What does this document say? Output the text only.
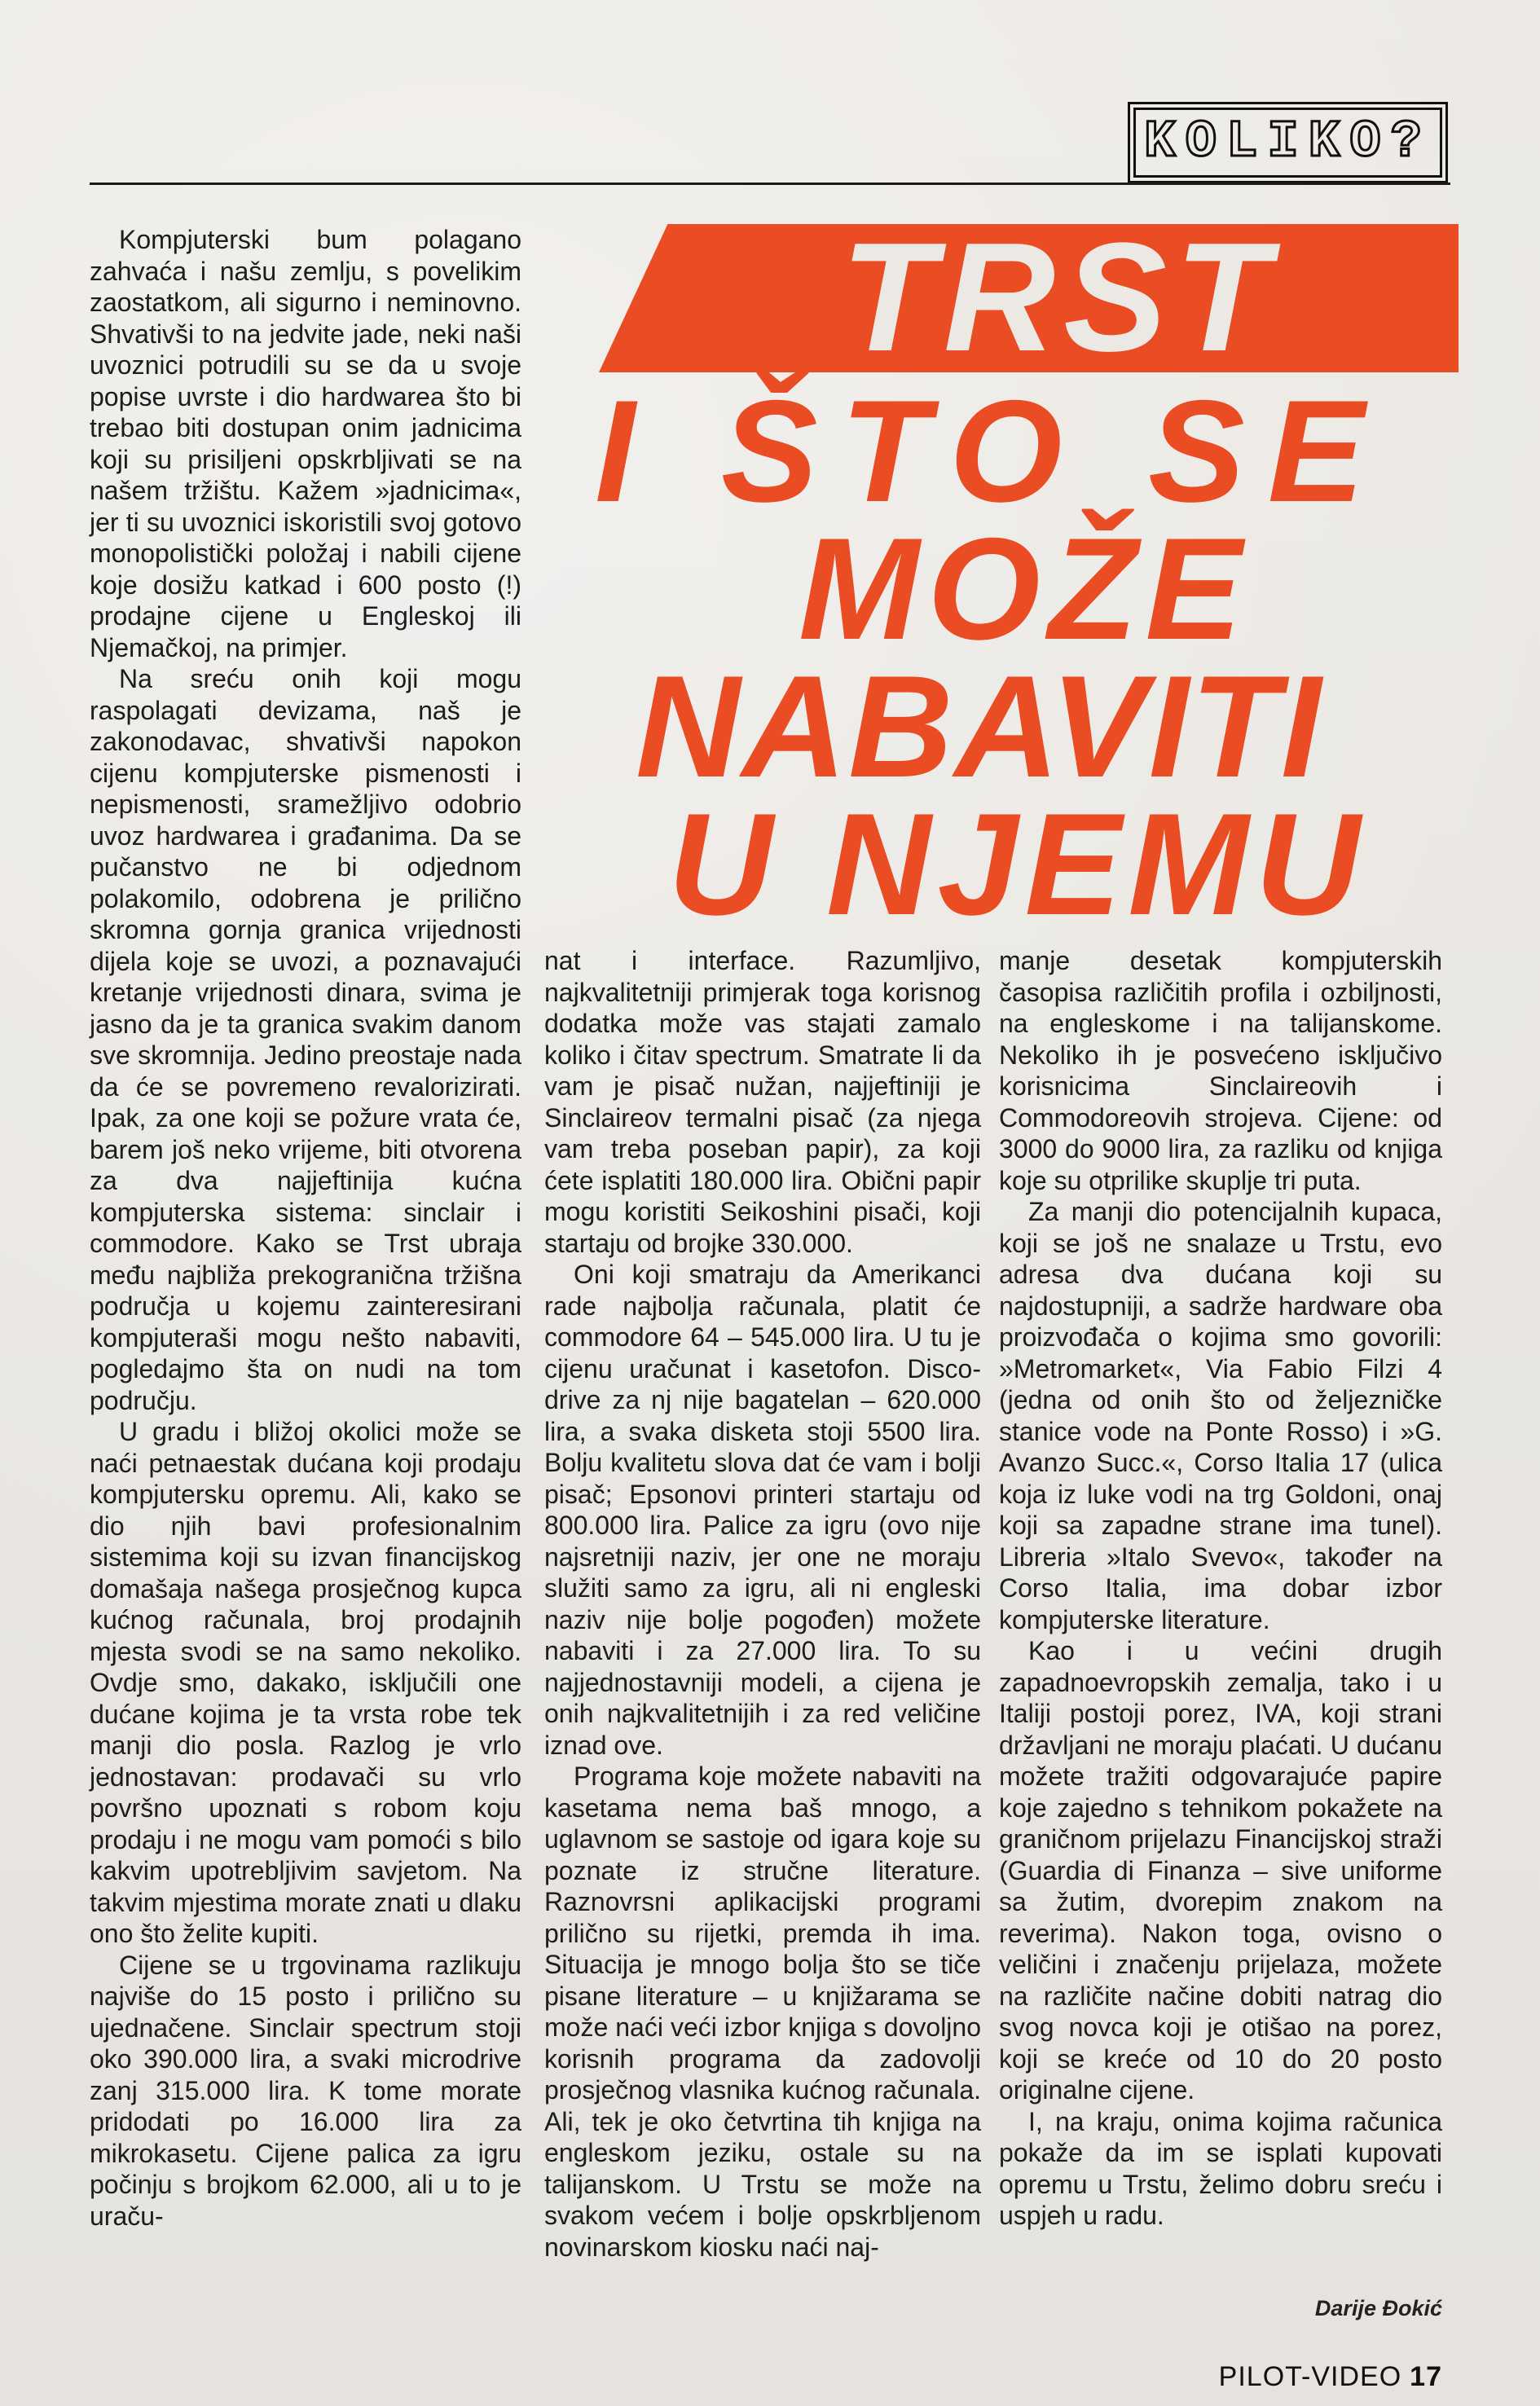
KOLIKO?
TRST
I ŠTO SE
MOŽE
NABAVITI
U NJEMU

Kompjuterski bum polagano zahvaća i našu zemlju, s povelikim zaostatkom, ali sigurno i neminovno. Shvativši to na jedvite jade, neki naši uvoznici potrudili su se da u svoje popise uvrste i dio hardwarea što bi trebao biti dostupan onim jadnicima koji su prisiljeni opskrbljivati se na našem tržištu. Kažem »jadnicima«, jer ti su uvoznici iskoristili svoj gotovo monopolistički položaj i nabili cijene koje dosižu katkad i 600 posto (!) prodajne cijene u Engleskoj ili Njemačkoj, na primjer.

Na sreću onih koji mogu raspolagati devizama, naš je zakonodavac, shvativši napokon cijenu kompjuterske pismenosti i nepismenosti, sramežljivo odobrio uvoz hardwarea i građanima. Da se pučanstvo ne bi odjednom polakomilo, odobrena je prilično skromna gornja granica vrijednosti dijela koje se uvozi, a poznavajući kretanje vrijednosti dinara, svima je jasno da je ta granica svakim danom sve skromnija. Jedino preostaje nada da će se povremeno revalorizirati. Ipak, za one koji se požure vrata će, barem još neko vrijeme, biti otvorena za dva najjeftinija kućna kompjuterska sistema: sinclair i commodore. Kako se Trst ubraja među najbliža prekogranična tržišna područja u kojemu zainteresirani kompjuteraši mogu nešto nabaviti, pogledajmo šta on nudi na tom području.

U gradu i bližoj okolici može se naći petnaestak dućana koji prodaju kompjutersku opremu. Ali, kako se dio njih bavi profesionalnim sistemima koji su izvan financijskog domašaja našega prosječnog kupca kućnog računala, broj prodajnih mjesta svodi se na samo nekoliko. Ovdje smo, dakako, isključili one dućane kojima je ta vrsta robe tek manji dio posla. Razlog je vrlo jednostavan: prodavači su vrlo površno upoznati s robom koju prodaju i ne mogu vam pomoći s bilo kakvim upotrebljivim savjetom. Na takvim mjestima morate znati u dlaku ono što želite kupiti.

Cijene se u trgovinama razlikuju najviše do 15 posto i prilično su ujednačene. Sinclair spectrum stoji oko 390.000 lira, a svaki microdrive zanj 315.000 lira. K tome morate pridodati po 16.000 lira za mikrokasetu. Cijene palica za igru počinju s brojkom 62.000, ali u to je uraču-

nat i interface. Razumljivo, najkvalitetniji primjerak toga korisnog dodatka može vas stajati zamalo koliko i čitav spectrum. Smatrate li da vam je pisač nužan, najjeftiniji je Sinclaireov termalni pisač (za njega vam treba poseban papir), za koji ćete isplatiti 180.000 lira. Obični papir mogu koristiti Seikoshini pisači, koji startaju od brojke 330.000.

Oni koji smatraju da Amerikanci rade najbolja računala, platit će commodore 64 – 545.000 lira. U tu je cijenu uračunat i kasetofon. Disco-drive za nj nije bagatelan – 620.000 lira, a svaka disketa stoji 5500 lira. Bolju kvalitetu slova dat će vam i bolji pisač; Epsonovi printeri startaju od 800.000 lira. Palice za igru (ovo nije najsretniji naziv, jer one ne moraju služiti samo za igru, ali ni engleski naziv nije bolje pogođen) možete nabaviti i za 27.000 lira. To su najjednostavniji modeli, a cijena je onih najkvalitetnijih i za red veličine iznad ove.

Programa koje možete nabaviti na kasetama nema baš mnogo, a uglavnom se sastoje od igara koje su poznate iz stručne literature. Raznovrsni aplikacijski programi prilično su rijetki, premda ih ima. Situacija je mnogo bolja što se tiče pisane literature – u knjižarama se može naći veći izbor knjiga s dovoljno korisnih programa da zadovolji prosječnog vlasnika kućnog računala. Ali, tek je oko četvrtina tih knjiga na engleskom jeziku, ostale su na talijanskom. U Trstu se može na svakom većem i bolje opskrbljenom novinarskom kiosku naći naj-

manje desetak kompjuterskih časopisa različitih profila i ozbiljnosti, na engleskome i na talijanskome. Nekoliko ih je posvećeno isključivo korisnicima Sinclaireovih i Commodoreovih strojeva. Cijene: od 3000 do 9000 lira, za razliku od knjiga koje su otprilike skuplje tri puta.

Za manji dio potencijalnih kupaca, koji se još ne snalaze u Trstu, evo adresa dva dućana koji su najdostupniji, a sadrže hardware oba proizvođača o kojima smo govorili: »Metromarket«, Via Fabio Filzi 4 (jedna od onih što od željezničke stanice vode na Ponte Rosso) i »G. Avanzo Succ.«, Corso Italia 17 (ulica koja iz luke vodi na trg Goldoni, onaj koji sa zapadne strane ima tunel). Libreria »Italo Svevo«, također na Corso Italia, ima dobar izbor kompjuterske literature.

Kao i u većini drugih zapadnoevropskih zemalja, tako i u Italiji postoji porez, IVA, koji strani državljani ne moraju plaćati. U dućanu možete tražiti odgovarajuće papire koje zajedno s tehnikom pokažete na graničnom prijelazu Financijskoj straži (Guardia di Finanza – sive uniforme sa žutim, dvorepim znakom na reverima). Nakon toga, ovisno o veličini i značenju prijelaza, možete na različite načine dobiti natrag dio svog novca koji je otišao na porez, koji se kreće od 10 do 20 posto originalne cijene.

I, na kraju, onima kojima računica pokaže da im se isplati kupovati opremu u Trstu, želimo dobru sreću i uspjeh u radu.

Darije Đokić
PILOT-VIDEO 17
